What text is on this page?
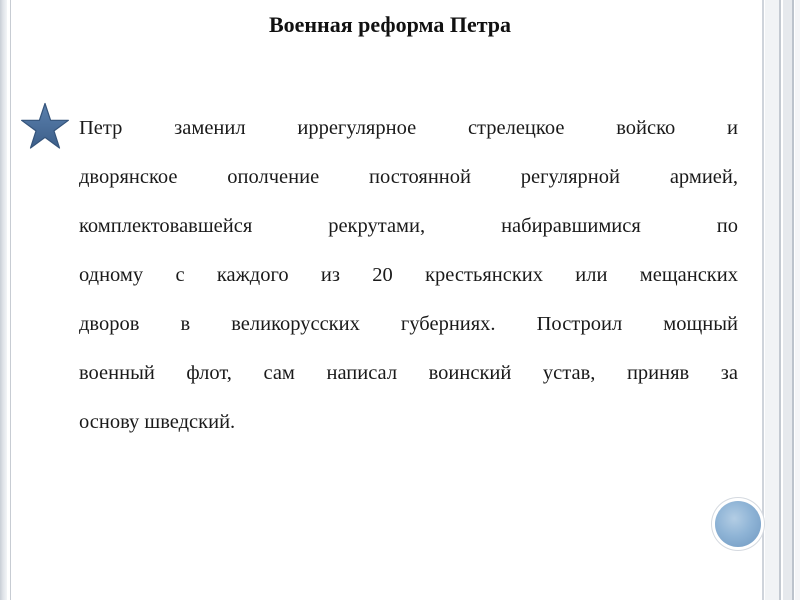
Военная реформа Петра
Петр заменил иррегулярное стрелецкое войско и
дворянское ополчение постоянной регулярной армией,
комплектовавшейся рекрутами, набиравшимися по
одному с каждого из 20 крестьянских или мещанских
дворов в великорусских губерниях. Построил мощный
военный флот, сам написал воинский устав, приняв за
основу шведский.
